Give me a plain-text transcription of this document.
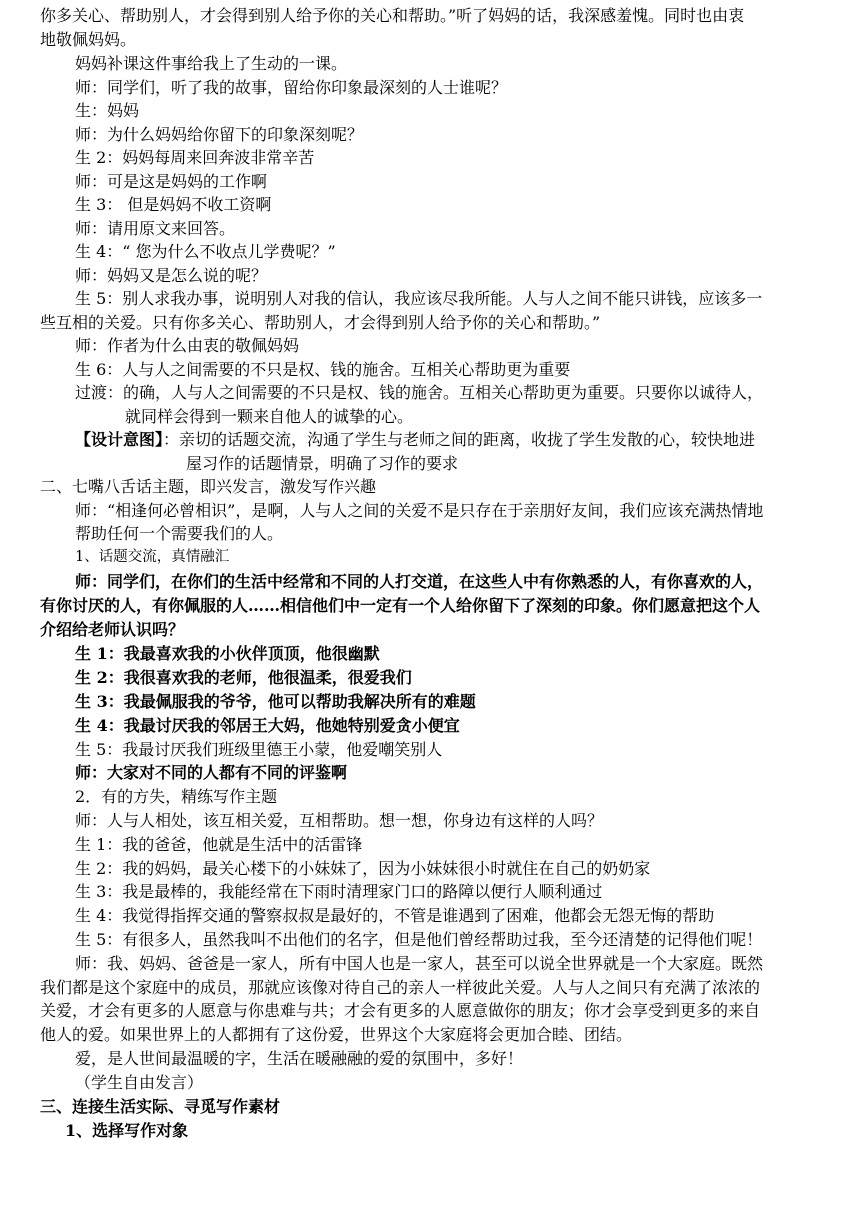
你多关心、帮助别人，才会得到别人给予你的关心和帮助。”听了妈妈的话，我深感羞愧。同时也由衷
地敬佩妈妈。
妈妈补课这件事给我上了生动的一课。
师：同学们，听了我的故事，留给你印象最深刻的人士谁呢？
生：妈妈
师：为什么妈妈给你留下的印象深刻呢？
生 2：妈妈每周来回奔波非常辛苦
师：可是这是妈妈的工作啊
生 3： 但是妈妈不收工资啊
师：请用原文来回答。
生 4：“ 您为什么不收点儿学费呢？”
师：妈妈又是怎么说的呢？
生 5：别人求我办事，说明别人对我的信认，我应该尽我所能。人与人之间不能只讲钱，应该多一
些互相的关爱。只有你多关心、帮助别人，才会得到别人给予你的关心和帮助。”
师：作者为什么由衷的敬佩妈妈
生 6：人与人之间需要的不只是权、钱的施舍。互相关心帮助更为重要
过渡：的确，人与人之间需要的不只是权、钱的施舍。互相关心帮助更为重要。只要你以诚待人，
就同样会得到一颗来自他人的诚挚的心。
【设计意图】：亲切的话题交流，沟通了学生与老师之间的距离，收拢了学生发散的心，较快地进
屋习作的话题情景，明确了习作的要求
二、七嘴八舌话主题，即兴发言，激发写作兴趣
师：“相逢何必曾相识”，是啊，人与人之间的关爱不是只存在于亲朋好友间，我们应该充满热情地
帮助任何一个需要我们的人。
1、话题交流，真情融汇
师：同学们，在你们的生活中经常和不同的人打交道，在这些人中有你熟悉的人，有你喜欢的人，
有你讨厌的人，有你佩服的人……相信他们中一定有一个人给你留下了深刻的印象。你们愿意把这个人
介绍给老师认识吗？
生 1：我最喜欢我的小伙伴顶顶，他很幽默
生 2：我很喜欢我的老师，他很温柔，很爱我们
生 3：我最佩服我的爷爷，他可以帮助我解决所有的难题
生 4：我最讨厌我的邻居王大妈，他她特别爱贪小便宜
生 5：我最讨厌我们班级里德王小蒙，他爱嘲笑别人
师：大家对不同的人都有不同的评鉴啊
2．有的方失，精练写作主题
师：人与人相处，该互相关爱，互相帮助。想一想，你身边有这样的人吗？
生 1：我的爸爸，他就是生活中的活雷锋
生 2：我的妈妈，最关心楼下的小妹妹了，因为小妹妹很小时就住在自己的奶奶家
生 3：我是最棒的，我能经常在下雨时清理家门口的路障以便行人顺利通过
生 4：我觉得指挥交通的警察叔叔是最好的，不管是谁遇到了困难，他都会无怨无悔的帮助
生 5：有很多人，虽然我叫不出他们的名字，但是他们曾经帮助过我，至今还清楚的记得他们呢！
师：我、妈妈、爸爸是一家人，所有中国人也是一家人，甚至可以说全世界就是一个大家庭。既然
我们都是这个家庭中的成员，那就应该像对待自己的亲人一样彼此关爱。人与人之间只有充满了浓浓的
关爱，才会有更多的人愿意与你患难与共；才会有更多的人愿意做你的朋友；你才会享受到更多的来自
他人的爱。如果世界上的人都拥有了这份爱，世界这个大家庭将会更加合睦、团结。
爱，是人世间最温暖的字，生活在暖融融的爱的氛围中，多好！
（学生自由发言）
三、连接生活实际、寻觅写作素材
1、选择写作对象
